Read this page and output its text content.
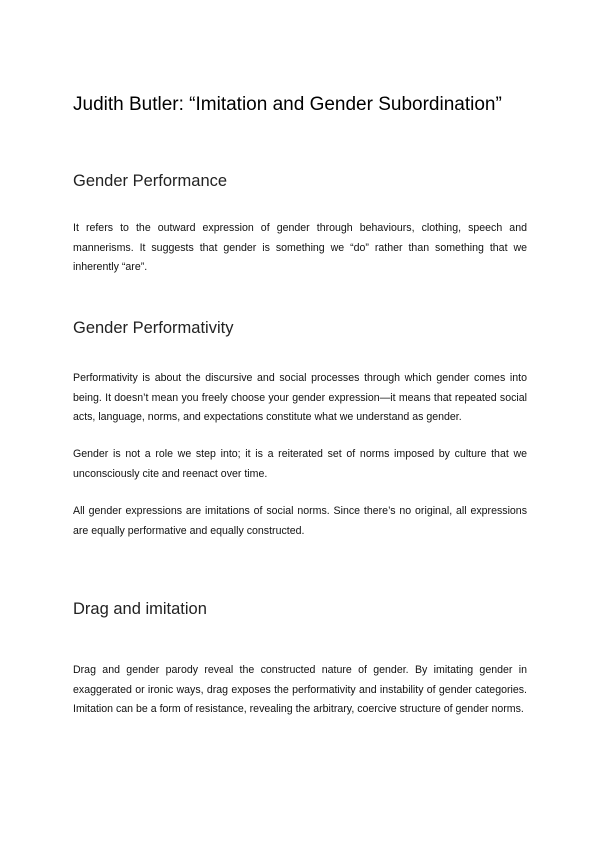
Judith Butler: “Imitation and Gender Subordination”
Gender Performance

It refers to the outward expression of gender through behaviours, clothing, speech and mannerisms. It suggests that gender is something we “do” rather than something that we inherently “are”.

Gender Performativity

Performativity is about the discursive and social processes through which gender comes into being. It doesn’t mean you freely choose your gender expression—it means that repeated social acts, language, norms, and expectations constitute what we understand as gender.

Gender is not a role we step into; it is a reiterated set of norms imposed by culture that we unconsciously cite and reenact over time.

All gender expressions are imitations of social norms. Since there’s no original, all expressions are equally performative and equally constructed.

Drag and imitation

Drag and gender parody reveal the constructed nature of gender. By imitating gender in exaggerated or ironic ways, drag exposes the performativity and instability of gender categories. Imitation can be a form of resistance, revealing the arbitrary, coercive structure of gender norms.
